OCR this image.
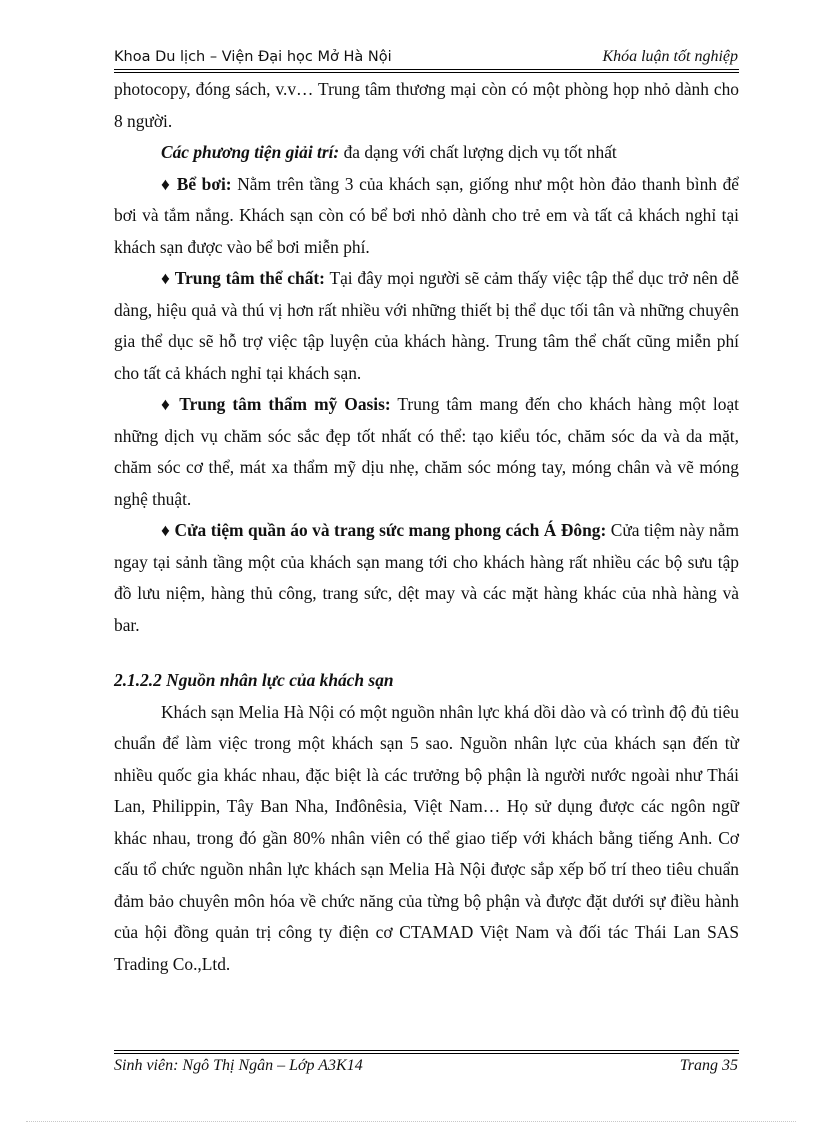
Khoa Du lịch – Viện Đại học Mở Hà Nội	Khóa luận tốt nghiệp

photocopy, đóng sách, v.v… Trung tâm thương mại còn có một phòng họp nhỏ dành cho 8 người.

Các phương tiện giải trí: đa dạng với chất lượng dịch vụ tốt nhất

♦ Bể bơi: Nằm trên tầng 3 của khách sạn, giống như một hòn đảo thanh bình để bơi và tắm nắng. Khách sạn còn có bể bơi nhỏ dành cho trẻ em và tất cả khách nghỉ tại khách sạn được vào bể bơi miễn phí.

♦ Trung tâm thể chất: Tại đây mọi người sẽ cảm thấy việc tập thể dục trở nên dễ dàng, hiệu quả và thú vị hơn rất nhiều với những thiết bị thể dục tối tân và những chuyên gia thể dục sẽ hỗ trợ việc tập luyện của khách hàng. Trung tâm thể chất cũng miễn phí cho tất cả khách nghỉ tại khách sạn.

♦ Trung tâm thẩm mỹ Oasis: Trung tâm mang đến cho khách hàng một loạt những dịch vụ chăm sóc sắc đẹp tốt nhất có thể: tạo kiểu tóc, chăm sóc da và da mặt, chăm sóc cơ thể, mát xa thẩm mỹ dịu nhẹ, chăm sóc móng tay, móng chân và vẽ móng nghệ thuật.

♦ Cửa tiệm quần áo và trang sức mang phong cách Á Đông: Cửa tiệm này nằm ngay tại sảnh tầng một của khách sạn mang tới cho khách hàng rất nhiều các bộ sưu tập đồ lưu niệm, hàng thủ công, trang sức, dệt may và các mặt hàng khác của nhà hàng và bar.

2.1.2.2 Nguồn nhân lực của khách sạn

Khách sạn Melia Hà Nội có một nguồn nhân lực khá dồi dào và có trình độ đủ tiêu chuẩn để làm việc trong một khách sạn 5 sao. Nguồn nhân lực của khách sạn đến từ nhiều quốc gia khác nhau, đặc biệt là các trưởng bộ phận là người nước ngoài như Thái Lan, Philippin, Tây Ban Nha, Inđônêsia, Việt Nam… Họ sử dụng được các ngôn ngữ khác nhau, trong đó gần 80% nhân viên có thể giao tiếp với khách bằng tiếng Anh. Cơ cấu tổ chức nguồn nhân lực khách sạn Melia Hà Nội được sắp xếp bố trí theo tiêu chuẩn đảm bảo chuyên môn hóa về chức năng của từng bộ phận và được đặt dưới sự điều hành của hội đồng quản trị công ty điện cơ CTAMAD Việt Nam và đối tác Thái Lan SAS Trading Co.,Ltd.

Sinh viên: Ngô Thị Ngân – Lớp A3K14	Trang 35
